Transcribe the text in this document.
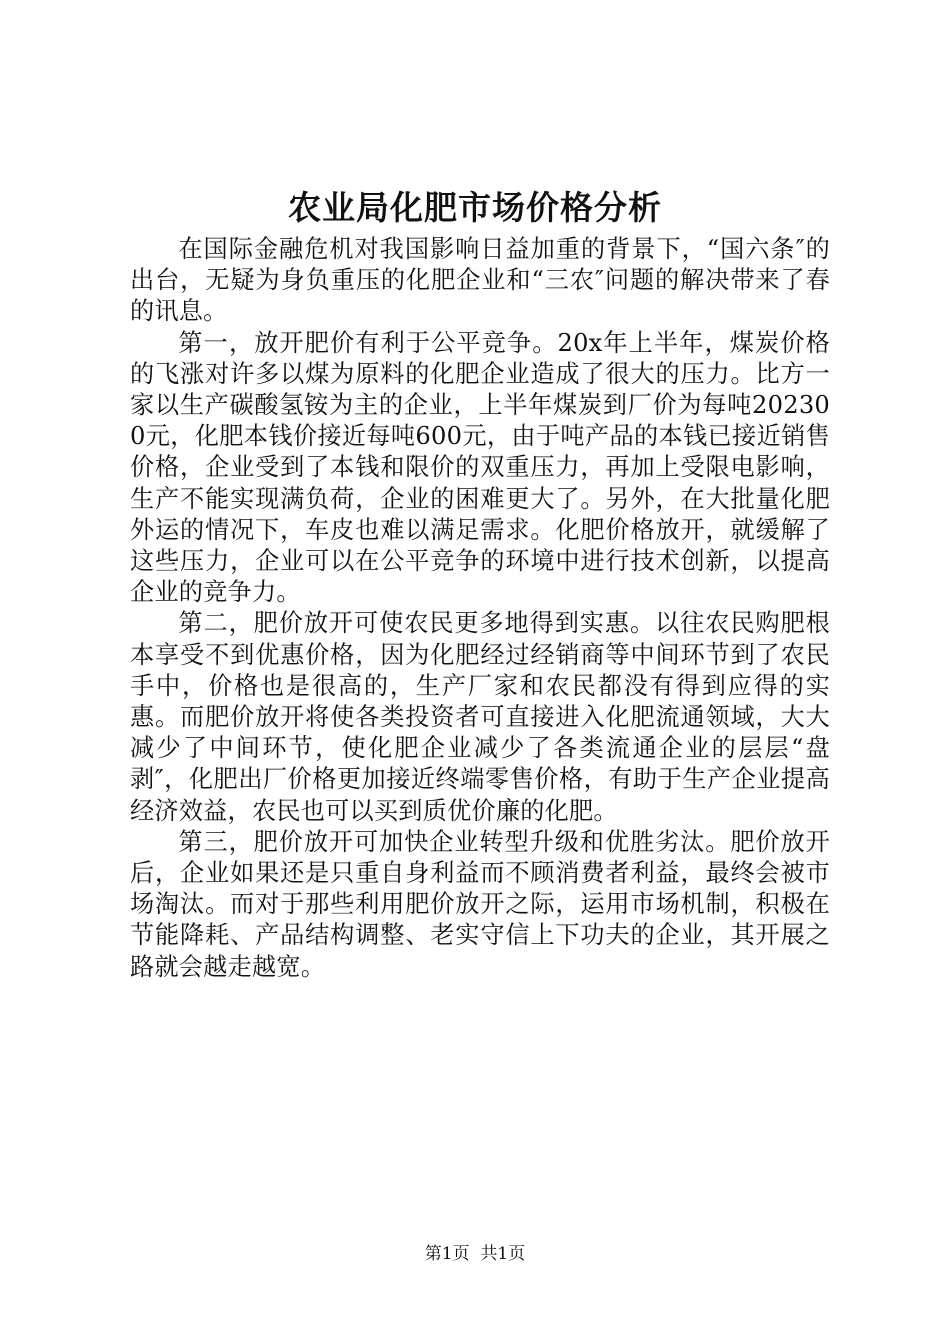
农业局化肥市场价格分析

在国际金融危机对我国影响日益加重的背景下，“国六条″的出台，无疑为身负重压的化肥企业和“三农″问题的解决带来了春的讯息。

第一，放开肥价有利于公平竞争。20x年上半年，煤炭价格的飞涨对许多以煤为原料的化肥企业造成了很大的压力。比方一家以生产碳酸氢铵为主的企业，上半年煤炭到厂价为每吨202300元，化肥本钱价接近每吨600元，由于吨产品的本钱已接近销售价格，企业受到了本钱和限价的双重压力，再加上受限电影响，生产不能实现满负荷，企业的困难更大了。另外，在大批量化肥外运的情况下，车皮也难以满足需求。化肥价格放开，就缓解了这些压力，企业可以在公平竞争的环境中进行技术创新，以提高企业的竞争力。

第二，肥价放开可使农民更多地得到实惠。以往农民购肥根本享受不到优惠价格，因为化肥经过经销商等中间环节到了农民手中，价格也是很高的，生产厂家和农民都没有得到应得的实惠。而肥价放开将使各类投资者可直接进入化肥流通领域，大大减少了中间环节，使化肥企业减少了各类流通企业的层层“盘剥″，化肥出厂价格更加接近终端零售价格，有助于生产企业提高经济效益，农民也可以买到质优价廉的化肥。

第三，肥价放开可加快企业转型升级和优胜劣汰。肥价放开后，企业如果还是只重自身利益而不顾消费者利益，最终会被市场淘汰。而对于那些利用肥价放开之际，运用市场机制，积极在节能降耗、产品结构调整、老实守信上下功夫的企业，其开展之路就会越走越宽。

第1页 共1页
